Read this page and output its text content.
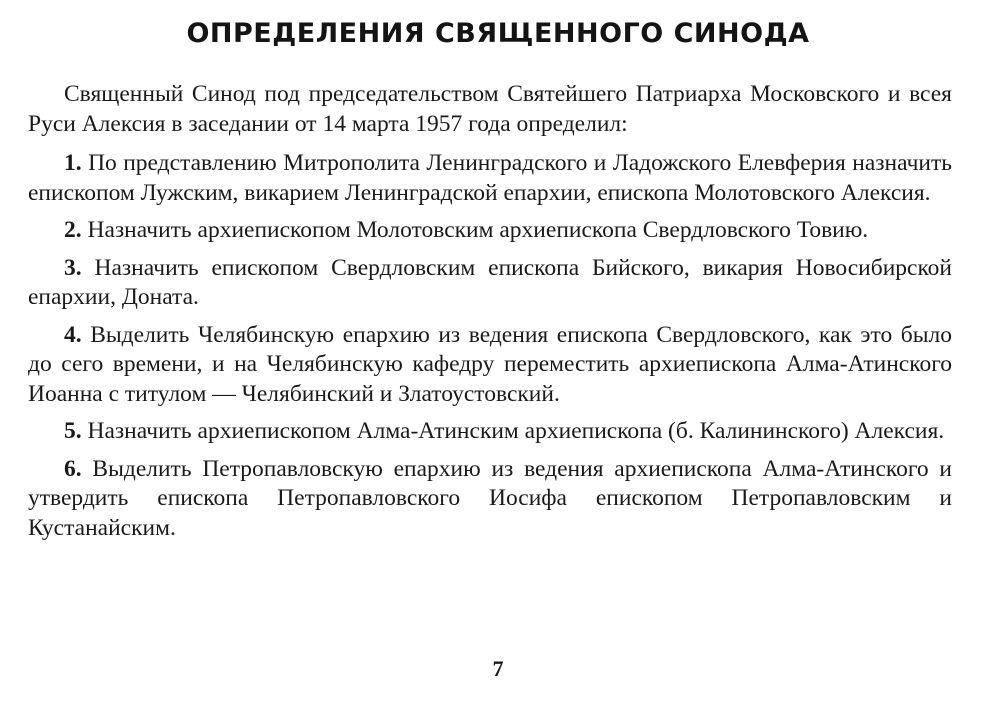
ОПРЕДЕЛЕНИЯ СВЯЩЕННОГО СИНОДА

Священный Синод под председательством Святейшего Патриарха Московского и всея Руси Алексия в заседании от 14 марта 1957 года определил:

1. По представлению Митрополита Ленинградского и Ладожского Елевферия назначить епископом Лужским, викарием Ленинградской епархии, епископа Молотовского Алексия.

2. Назначить архиепископом Молотовским архиепископа Свердловского Товию.

3. Назначить епископом Свердловским епископа Бийского, викария Новосибирской епархии, Доната.

4. Выделить Челябинскую епархию из ведения епископа Свердловского, как это было до сего времени, и на Челябинскую кафедру переместить архиепископа Алма-Атинского Иоанна с титулом — Челябинский и Златоустовский.

5. Назначить архиепископом Алма-Атинским архиепископа (б. Калининского) Алексия.

6. Выделить Петропавловскую епархию из ведения архиепископа Алма-Атинского и утвердить епископа Петропавловского Иосифа епископом Петропавловским и Кустанайским.

7
